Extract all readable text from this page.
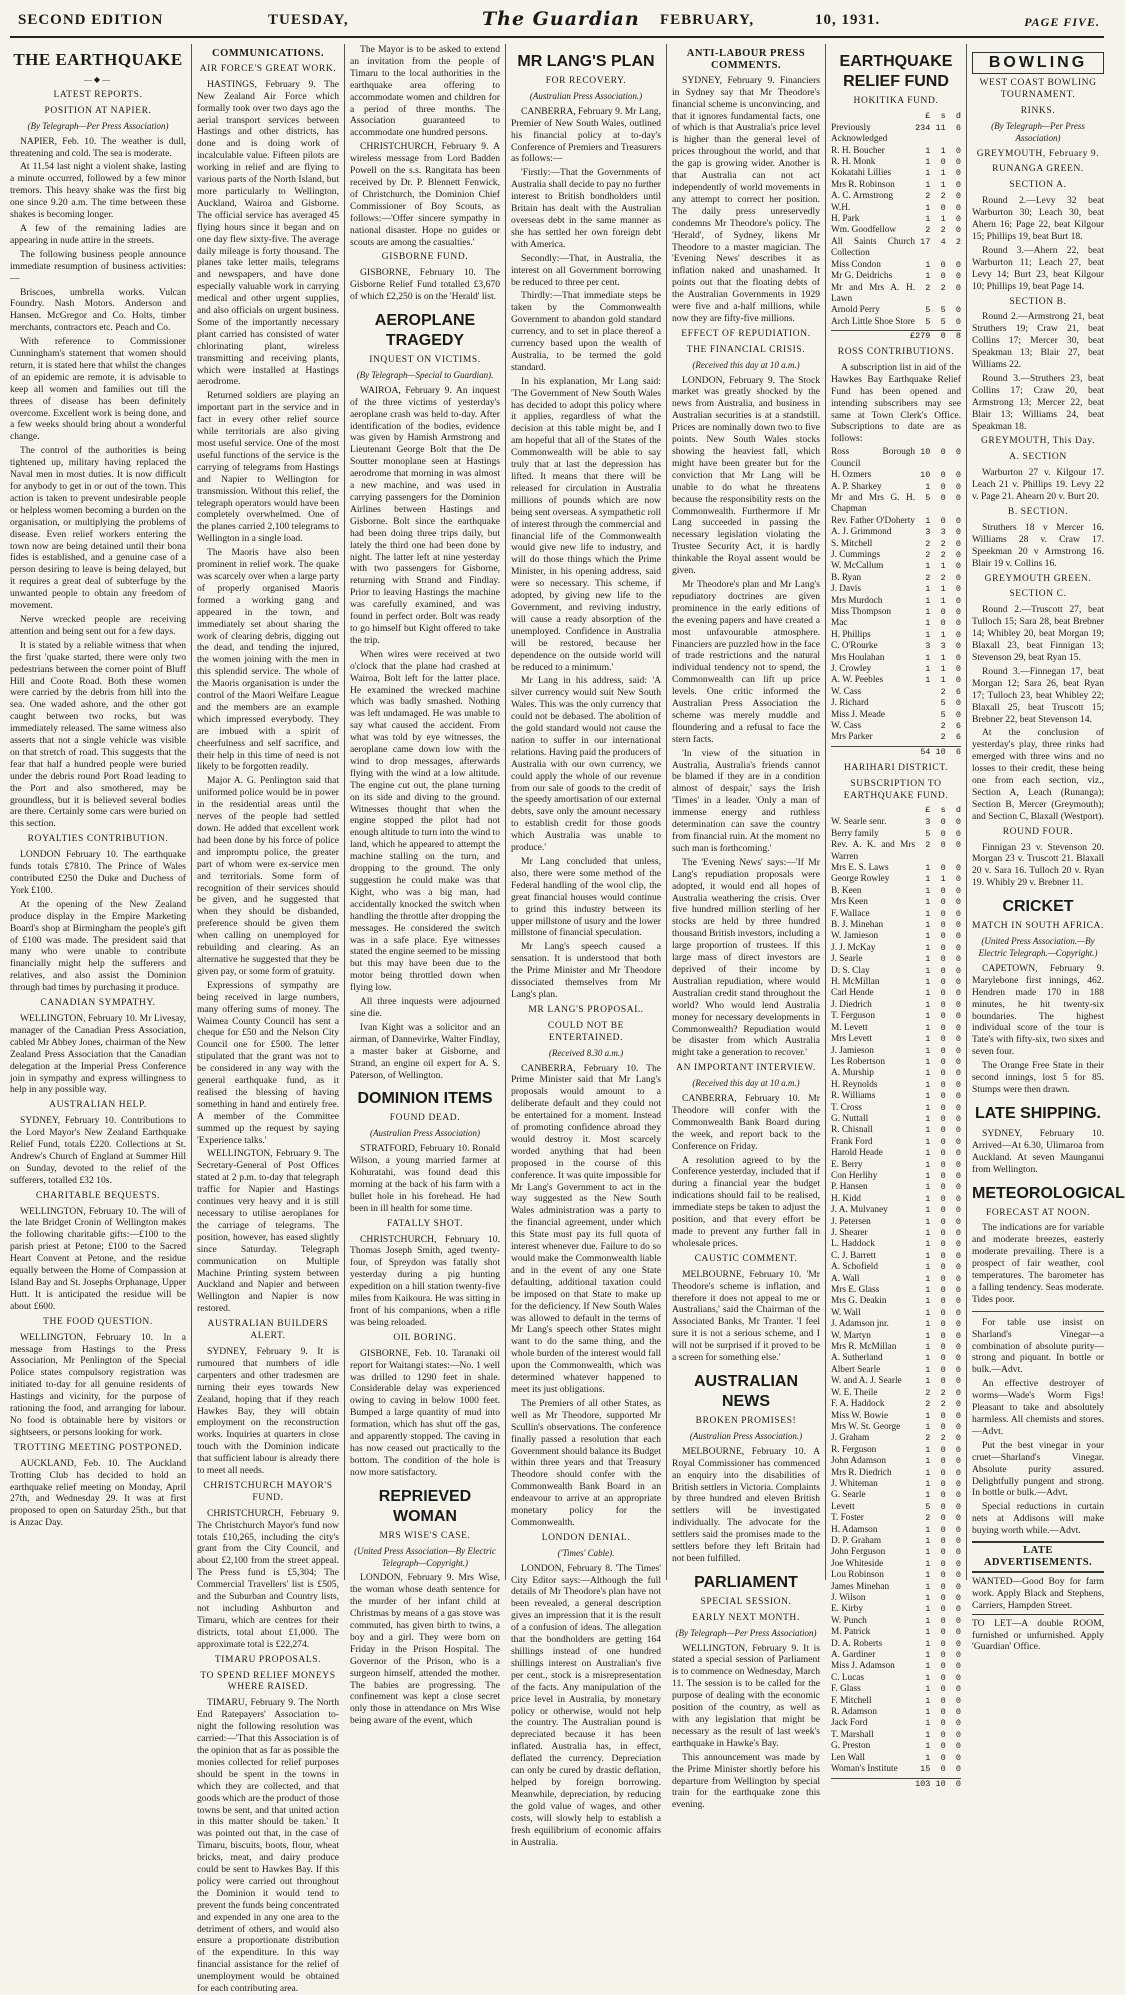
SECOND EDITION	TUESDAY,	The Guardian FEBRUARY,	10, 1931.	PAGE FIVE.
THE EARTHQUAKE
—◆—
LATEST REPORTS.
POSITION AT NAPIER.
(By Telegraph—Per Press Association)

NAPIER, Feb. 10. The weather is dull, threatening and cold. The sea is moderate.

At 11.54 last night a violent shake, lasting a minute occurred, followed by a few minor tremors. This heavy shake was the first big one since 9.20 a.m. The time between these shakes is becoming longer.

A few of the remaining ladies are appearing in nude attire in the streets.

The following business people announce immediate resumption of business activities:—

Briscoes, umbrella works. Vulcan Foundry. Nash Motors. Anderson and Hansen. McGregor and Co. Holts, timber merchants, contractors etc. Peach and Co.

With reference to Commissioner Cunningham's statement that women should return, it is stated here that whilst the changes of an epidemic are remote, it is advisable to keep all women and families out till the threes of disease has been definitely overcome. Excellent work is being done, and a few weeks should bring about a wonderful change.

The control of the authorities is being tightened up, military having replaced the Naval men in most duties. It is now difficult for anybody to get in or out of the town. This action is taken to prevent undesirable people or helpless women becoming a burden on the organisation, or multiplying the problems of disease. Even relief workers entering the town now are being detained until their bona fides is established, and a genuine case of a person desiring to leave is being delayed, but it requires a great deal of subterfuge by the unwanted people to obtain any freedom of movement.

Nerve wrecked people are receiving attention and being sent out for a few days.

It is stated by a reliable witness that when the first 'quake started, there were only two pedestrians between the corner point of Bluff Hill and Coote Road. Both these women were carried by the debris from hill into the sea. One waded ashore, and the other got caught between two rocks, but was immediately released. The same witness also asserts that not a single vehicle was visible on that stretch of road. This suggests that the fear that half a hundred people were buried under the debris round Port Road leading to the Port and also smothered, may be groundless, but it is believed several bodies are there. Certainly some cars were buried on this section.

ROYALTIES CONTRIBUTION.

LONDON February 10. The earthquake funds totals £7810. The Prince of Wales contributed £250 the Duke and Duchess of York £100.

At the opening of the New Zealand produce display in the Empire Marketing Board's shop at Birmingham the people's gift of £100 was made. The president said that many who were unable to contribute financially might help the sufferers and relatives, and also assist the Dominion through bad times by purchasing it produce.

CANADIAN SYMPATHY.

WELLINGTON, February 10. Mr Livesay, manager of the Canadian Press Association, cabled Mr Abbey Jones, chairman of the New Zealand Press Association that the Canadian delegation at the Imperial Press Conference join in sympathy and express willingness to help in any possible way.

AUSTRALIAN HELP.

SYDNEY, February 10. Contributions to the Lord Mayor's New Zealand Earthquake Relief Fund, totals £220. Collections at St. Andrew's Church of England at Summer Hill on Sunday, devoted to the relief of the sufferers, totalled £32 10s.

CHARITABLE BEQUESTS.

WELLINGTON, February 10. The will of the late Bridget Cronin of Wellington makes the following charitable gifts:—£100 to the parish priest at Petone; £100 to the Sacred Heart Convent at Petone, and the residue equally between the Home of Compassion at Island Bay and St. Josephs Orphanage, Upper Hutt. It is anticipated the residue will be about £600.

THE FOOD QUESTION.

WELLINGTON, February 10. In a message from Hastings to the Press Association, Mr Penlington of the Special Police states compulsory registration was initiated to-day for all genuine residents of Hastings and vicinity, for the purpose of rationing the food, and arranging for labour. No food is obtainable here by visitors or sightseers, or persons looking for work.

TROTTING MEETING POSTPONED.

AUCKLAND, Feb. 10. The Auckland Trotting Club has decided to hold an earthquake relief meeting on Monday, April 27th, and Wednesday 29. It was at first proposed to open on Saturday 25th., but that is Anzac Day.

COMMUNICATIONS.
AIR FORCE'S GREAT WORK.

HASTINGS, February 9. The New Zealand Air Force which formally took over two days ago the aerial transport services between Hastings and other districts, has done and is doing work of incalculable value. Fifteen pilots are working in relief and are flying to various parts of the North Island, but more particularly to Wellington, Auckland, Wairoa and Gisborne. The official service has averaged 45 flying hours since it began and on one day flew sixty-five. The average daily mileage is forty thousand. The planes take letter mails, telegrams and newspapers, and have done especially valuable work in carrying medical and other urgent supplies, and also officials on urgent business. Some of the importantly necessary plant carried has consisted of water chlorinating plant, wireless transmitting and receiving plants, which were installed at Hastings aerodrome.

Returned soldiers are playing an important part in the service and in fact in every other relief source while territorials are also giving most useful service. One of the most useful functions of the service is the carrying of telegrams from Hastings and Napier to Wellington for transmission. Without this relief, the telegraph operators would have been completely overwhelmed. One of the planes carried 2,100 telegrams to Wellington in a single load.

The Maoris have also been prominent in relief work. The quake was scarcely over when a large party of properly organised Maoris formed a working gang and appeared in the town, and immediately set about sharing the work of clearing debris, digging out the dead, and tending the injured, the women joining with the men in this splendid service. The whole of the Maoris organisation is under the control of the Maori Welfare League and the members are an example which impressed everybody. They are imbued with a spirit of cheerfulness and self sacrifice, and their help in this time of need is not likely to be forgotten readily.

Major A. G. Penlington said that uniformed police would be in power in the residential areas until the nerves of the people had settled down. He added that excellent work had been done by his force of police and impromptu police, the greater part of whom were ex-service men and territorials. Some form of recognition of their services should be given, and he suggested that when they should be disbanded, preference should be given them when calling on unemployed for rebuilding and clearing. As an alternative he suggested that they be given pay, or some form of gratuity.

Expressions of sympathy are being received in large numbers, many offering sums of money. The Waimea County Council has sent a cheque for £50 and the Nelson City Council one for £500. The letter stipulated that the grant was not to be considered in any way with the general earthquake fund, as it realised the blessing of having something in hand and entirely free. A member of the Committee summed up the request by saying 'Experience talks.'

WELLINGTON, February 9. The Secretary-General of Post Offices stated at 2 p.m. to-day that telegraph traffic for Napier and Hastings continues very heavy and it is still necessary to utilise aeroplanes for the carriage of telegrams. The position, however, has eased slightly since Saturday. Telegraph communication on Multiple Machine Printing system between Auckland and Napier and between Wellington and Napier is now restored.

AUSTRALIAN BUILDERS ALERT.

SYDNEY, February 9. It is rumoured that numbers of idle carpenters and other tradesmen are turning their eyes towards New Zealand, hoping that if they reach Hawkes Bay, they will obtain employment on the reconstruction works. Inquiries at quarters in close touch with the Dominion indicate that sufficient labour is already there to meet all needs.

CHRISTCHURCH MAYOR'S FUND.

CHRISTCHURCH, February 9. The Christchurch Mayor's fund now totals £10,265, including the city's grant from the City Council, and about £2,100 from the street appeal. The Press fund is £5,304; The Commercial Travellers' list is £505, and the Suburban and Country lists, not including Ashburton and Timaru, which are centres for their districts, total about £1,000. The approximate total is £22,274.

TIMARU PROPOSALS.
TO SPEND RELIEF MONEYS WHERE RAISED.

TIMARU, February 9. The North End Ratepayers' Association to-night the following resolution was carried:—'That this Association is of the opinion that as far as possible the monies collected for relief purposes should be spent in the towns in which they are collected, and that goods which are the product of those towns be sent, and that united action in this matter should be taken.' It was pointed out that, in the case of Timaru, biscuits, boots, flour, wheat bricks, meat, and dairy produce could be sent to Hawkes Bay. If this policy were carried out throughout the Dominion it would tend to prevent the funds being concentrated and expended in any one area to the detriment of others, and would also ensure a proportionate distribution of the expenditure. In this way financial assistance for the relief of unemployment would be obtained for each contributing area.

The Mayor is to be asked to extend an invitation from the people of Timaru to the local authorities in the earthquake area offering to accommodate women and children for a period of three months. The Association guaranteed to accommodate one hundred persons.

CHRISTCHURCH, February 9. A wireless message from Lord Badden Powell on the s.s. Rangitata has been received by Dr. P. Blennett Fenwick, of Christchurch, the Dominion Chief Commissioner of Boy Scouts, as follows:—'Offer sincere sympathy in national disaster. Hope no guides or scouts are among the casualties.'

GISBORNE FUND.

GISBORNE, February 10. The Gisborne Relief Fund totalled £3,670 of which £2,250 is on the 'Herald' list.

AEROPLANE TRAGEDY
INQUEST ON VICTIMS.
(By Telegraph—Special to Guardian).

WAIROA, February 9. An inquest of the three victims of yesterday's aeroplane crash was held to-day. After identification of the bodies, evidence was given by Hamish Armstrong and Lieutenant George Bolt that the De Soutter monoplane seen at Hastings aerodrome that morning in was almost a new machine, and was used in carrying passengers for the Dominion Airlines between Hastings and Gisborne. Bolt since the earthquake had been doing three trips daily, but lately the third one had been done by night. The latter left at nine yesterday with two passengers for Gisborne, returning with Strand and Findlay. Prior to leaving Hastings the machine was carefully examined, and was found in perfect order. Bolt was ready to go himself but Kight offered to take the trip.

When wires were received at two o'clock that the plane had crashed at Wairoa, Bolt left for the latter place. He examined the wrecked machine which was badly smashed. Nothing was left undamaged. He was unable to say what caused the accident. From what was told by eye witnesses, the aeroplane came down low with the wind to drop messages, afterwards flying with the wind at a low altitude. The engine cut out, the plane turning on its side and diving to the ground. Witnesses thought that when the engine stopped the pilot had not enough altitude to turn into the wind to land, which he appeared to attempt the machine stalling on the turn, and dropping to the ground. The only suggestion he could make was that Kight, who was a big man, had accidentally knocked the switch when handling the throttle after dropping the messages. He considered the switch was in a safe place. Eye witnesses stated the engine seemed to be missing but this may have been due to the motor being throttled down when flying low.

All three inquests were adjourned sine die.

Ivan Kight was a solicitor and an airman, of Dannevirke, Walter Findlay, a master baker at Gisborne, and Strand, an engine oil expert for A. S. Paterson, of Wellington.

DOMINION ITEMS
FOUND DEAD.
(Australian Press Association)

STRATFORD, February 10. Ronald Wilson, a young married farmer at Kohuratahi, was found dead this morning at the back of his farm with a bullet hole in his forehead. He had been in ill health for some time.

FATALLY SHOT.

CHRISTCHURCH, February 10. Thomas Joseph Smith, aged twenty-four, of Spreydon was fatally shot yesterday during a pig hunting expedition on a hill station twenty-five miles from Kaikoura. He was sitting in front of his companions, when a rifle was being reloaded.

OIL BORING.

GISBORNE, Feb. 10. Taranaki oil report for Waitangi states:—No. 1 well was drilled to 1290 feet in shale. Considerable delay was experienced owing to caving in below 1000 feet. Bumped a large quantity of mud into formation, which has shut off the gas, and apparently stopped. The caving in has now ceased out practically to the bottom. The condition of the hole is now more satisfactory.

REPRIEVED WOMAN
MRS WISE'S CASE.
(United Press Association—By Electric Telegraph—Copyright.)

LONDON, February 9. Mrs Wise, the woman whose death sentence for the murder of her infant child at Christmas by means of a gas stove was commuted, has given birth to twins, a boy and a girl. They were born on Friday in the Prison Hospital. The Governor of the Prison, who is a surgeon himself, attended the mother. The babies are progressing. The confinement was kept a close secret only those in attendance on Mrs Wise being aware of the event, which

MR LANG'S PLAN
FOR RECOVERY.
(Australian Press Association.)

CANBERRA, February 9. Mr Lang, Premier of New South Wales, outlined his financial policy at to-day's Conference of Premiers and Treasurers as follows:—

'Firstly:—That the Governments of Australia shall decide to pay no further interest to British bondholders until Britain has dealt with the Australian overseas debt in the same manner as she has settled her own foreign debt with America.

Secondly:—That, in Australia, the interest on all Government borrowing be reduced to three per cent.

Thirdly:—That immediate steps be taken by the Commonwealth Government to abandon gold standard currency, and to set in place thereof a currency based upon the wealth of Australia, to be termed the gold standard.

In his explanation, Mr Lang said: 'The Government of New South Wales has decided to adopt this policy where it applies, regardless of what the decision at this table might be, and I am hopeful that all of the States of the Commonwealth will be able to say truly that at last the depression has lifted. It means that there will be released for circulation in Australia millions of pounds which are now being sent overseas. A sympathetic roll of interest through the commercial and financial life of the Commonwealth would give new life to industry, and will do those things which the Prime Minister, in his opening address, said were so necessary. This scheme, if adopted, by giving new life to the Government, and reviving industry, will cause a ready absorption of the unemployed. Confidence in Australia will be restored, because her dependence on the outside world will be reduced to a minimum.'

Mr Lang in his address, said: 'A silver currency would suit New South Wales. This was the only currency that could not be debased. The abolition of the gold standard would not cause the nation to suffer in our international relations. Having paid the producers of Australia with our own currency, we could apply the whole of our revenue from our sale of goods to the credit of the speedy amortisation of our external debts, save only the amount necessary to establish credit for those goods which Australia was unable to produce.'

Mr Lang concluded that unless, also, there were some method of the Federal handling of the wool clip, the great financial houses would continue to grind this industry between its upper millstone of usury and the lower millstone of financial speculation.

Mr Lang's speech caused a sensation. It is understood that both the Prime Minister and Mr Theodore dissociated themselves from Mr Lang's plan.

MR LANG'S PROPOSAL.
COULD NOT BE ENTERTAINED.
(Received 8.30 a.m.)

CANBERRA, February 10. The Prime Minister said that Mr Lang's proposals would amount to a deliberate default and they could not be entertained for a moment. Instead of promoting confidence abroad they would destroy it. Most scarcely worded anything that had been proposed in the course of this conference. It was quite impossible for Mr Lang's Government to act in the way suggested as the New South Wales administration was a party to the financial agreement, under which this State must pay its full quota of interest whenever due. Failure to do so would make the Commonwealth liable and in the event of any one State defaulting, additional taxation could be imposed on that State to make up for the deficiency. If New South Wales was allowed to default in the terms of Mr Lang's speech other States might want to do the same thing, and the whole burden of the interest would fall upon the Commonwealth, which was determined whatever happened to meet its just obligations.

The Premiers of all other States, as well as Mr Theodore, supported Mr Scullin's observations. The conference finally passed a resolution that each Government should balance its Budget within three years and that Treasury Theodore should confer with the Commonwealth Bank Board in an endeavour to arrive at an appropriate monetary policy for the Commonwealth.

LONDON DENIAL.
('Times' Cable).

LONDON, February 8. 'The Times' City Editor says:—Although the full details of Mr Theodore's plan have not been revealed, a general description gives an impression that it is the result of a confusion of ideas. The allegation that the bondholders are getting 164 shillings instead of one hundred shillings interest on Australian's five per cent., stock is a misrepresentation of the facts. Any manipulation of the price level in Australia, by monetary policy or otherwise, would not help the country. The Australian pound is depreciated because it has been inflated. Australia has, in effect, deflated the currency. Depreciation can only be cured by drastic deflation, helped by foreign borrowing. Meanwhile, depreciation, by reducing the gold value of wages, and other costs, will slowly help to establish a fresh equilibrium of economic affairs in Australia.

ANTI-LABOUR PRESS COMMENTS.

SYDNEY, February 9. Financiers in Sydney say that Mr Theodore's financial scheme is unconvincing, and that it ignores fundamental facts, one of which is that Australia's price level is higher than the general level of prices throughout the world, and that the gap is growing wider. Another is that Australia can not act independently of world movements in any attempt to correct her position. The daily press unreservedly condemns Mr Theodore's policy. The 'Herald', of Sydney, likens Mr Theodore to a master magician. The 'Evening News' describes it as inflation naked and unashamed. It points out that the floating debts of the Australian Governments in 1929 were five and a-half millions, while now they are fifty-five millions.

EFFECT OF REPUDIATION.
THE FINANCIAL CRISIS.
(Received this day at 10 a.m.)

LONDON, February 9. The Stock market was greatly shocked by the news from Australia, and business in Australian securities is at a standstill. Prices are nominally down two to five points. New South Wales stocks showing the heaviest fall, which might have been greater but for the conviction that Mr Lang will be unable to do what he threatens because the responsibility rests on the Commonwealth. Furthermore if Mr Lang succeeded in passing the necessary legislation violating the Trustee Security Act, it is hardly thinkable the Royal assent would be given.

Mr Theodore's plan and Mr Lang's repudiatory doctrines are given prominence in the early editions of the evening papers and have created a most unfavourable atmosphere. Financiers are puzzled how in the face of trade restrictions and the natural individual tendency not to spend, the Commonwealth can lift up price levels. One critic informed the Australian Press Association the scheme was merely muddle and floundering and a refusal to face the stern facts.

'In view of the situation in Australia, Australia's friends cannot be blamed if they are in a condition almost of despair,' says the Irish 'Times' in a leader. 'Only a man of immense energy and ruthless determination can save the country from financial ruin. At the moment no such man is forthcoming.'

The 'Evening News' says:—'If Mr Lang's repudiation proposals were adopted, it would end all hopes of Australia weathering the crisis. Over five hundred million sterling of her stocks are held by three hundred thousand British investors, including a large proportion of trustees. If this large mass of direct investors are deprived of their income by Australian repudiation, where would Australian credit stand throughout the world? Who would lend Australia money for necessary developments in Commonwealth? Repudiation would be disaster from which Australia might take a generation to recover.'

AN IMPORTANT INTERVIEW.
(Received this day at 10 a.m.)

CANBERRA, February 10. Mr Theodore will confer with the Commonwealth Bank Board during the week, and report back to the Conference on Friday.

A resolution agreed to by the Conference yesterday, included that if during a financial year the budget indications should fail to be realised, immediate steps be taken to adjust the position, and that every effort be made to prevent any further fall in wholesale prices.

CAUSTIC COMMENT.

MELBOURNE, February 10. 'Mr Theodore's scheme is inflation, and therefore it does not appeal to me or Australians,' said the Chairman of the Associated Banks, Mr Tranter. 'I feel sure it is not a serious scheme, and I will not be surprised if it proved to be a screen for something else.'

AUSTRALIAN NEWS
BROKEN PROMISES!
(Australian Press Association.)

MELBOURNE, February 10. A Royal Commissioner has commenced an enquiry into the disabilities of British settlers in Victoria. Complaints by three hundred and eleven British settlers will be investigated individually. The advocate for the settlers said the promises made to the settlers before they left Britain had not been fulfilled.

PARLIAMENT
SPECIAL SESSION.
EARLY NEXT MONTH.
(By Telegraph—Per Press Association)

WELLINGTON, February 9. It is stated a special session of Parliament is to commence on Wednesday, March 11. The session is to be called for the purpose of dealing with the economic position of the country, as well as with any legislation that might be necessary as the result of last week's earthquake in Hawke's Bay.

This announcement was made by the Prime Minister shortly before his departure from Wellington by special train for the earthquake zone this evening.

EARTHQUAKE RELIEF FUND
HOKITIKA FUND.
£  s  d
Previously Acknowledged
234 11  6
R. H. Boucher	1  1  0
R. H. Monk	1  0  0
Kokatahi Lillies	1  1  0
Mrs R. Robinson 1  1  0
A. C. Armstrong	2  2  0
W.H.	1  0  0
H. Park	1  1  0
Wm. Goodfellow 2  2  0
All Saints Church Collection
17  4  2
Miss Condon	1  0  0
Mr G. Deidrichs	1  0  0
Mr and Mrs A. H. Lawn
2  2  0
Arnold Perry	5  5  0
Arch Little Shoe Store 5  5  0
£279  0  8
ROSS CONTRIBUTIONS.

A subscription list in aid of the Hawkes Bay Earthquake Relief Fund has been opened and intending subscribers may see same at Town Clerk's Office. Subscriptions to date are as follows:

Ross Borough Council
10  0  0
H. Ozmers	10  0  0
A. P. Sharkey	1  0  0
Mr and Mrs G. H. Chapman
5  0  0
Rev. Father O'Doherty 1  0  0
A. J. Grimmond	3  3  0
S. Mitchell	2  2  0
J. Cummings	2  2  0
W. McCallum	1  1  0
B. Ryan	2  2  0
J. Davis	1  1  0
Mrs Murdoch	1  1  0
Miss Thompson	1  0  0
Mac	1  0  0
H. Phillips	1  1  0
C. O'Rourke	3  3  0
Mrs Houlahan	1  1  0
J. Crowley	1  1  0
A. W. Peebles	1  1  0
W. Cass	2  6
J. Richard	5  0
Miss J. Meade	5  0
W. Cass	2  6
Mrs Parker	2  6
54 10  6
HARIHARI DISTRICT.
SUBSCRIPTION TO EARTHQUAKE FUND.
£  s  d
W. Searle senr.	3  0  0
Berry family	5  0  0
Rev. A. K. and Mrs Warren
2  0  0
Mrs E. S. Laws	1  0  0
George Rowley	1  1  0
B. Keen	1  0  0
Mrs Keen	1  0  0
F. Wallace	1  0  0
B. J. Minehan	1  0  0
W. Jamieson	1  0  0
J. J. McKay	1  0  0
J. Searle	1  0  0
D. S. Clay	1  0  0
H. McMillan	1  0  0
Carl Hende	1  0  0
J. Diedrich	1  0  0
T. Ferguson	1  0  0
M. Levett	1  0  0
Mrs Levett	1  0  0
J. Jamieson	1  0  0
Les Robertson	1  0  0
A. Murship	1  0  0
H. Reynolds	1  0  0
R. Williams	1  0  0
T. Cross	1  0  0
G. Nuttall	1  0  0
R. Chisnall	1  0  0
Frank Ford	1  0  0
Harold Heade	1  0  0
E. Berry	1  0  0
Con Herlihy	1  0  0
P. Hansen	1  0  0
H. Kidd	1  0  0
J. A. Mulvaney	1  0  0
J. Petersen	1  0  0
J. Shearer	1  0  0
L. Haddock	1  0  0
C. J. Barrett	1  0  0
A. Schofield	1  0  0
A. Wall	1  0  0
Mrs E. Glass	1  0  0
Mrs G. Deakin	1  0  0
W. Wall	1  0  0
J. Adamson jnr.	1  0  0
W. Martyn	1  0  0
Mrs R. McMillan 1  0  0
A. Sutherland	1  0  0
Albert Searle	1  0  0
W. and A. J. Searle 1  0  0
W. E. Theile	2  2  0
F. A. Haddock	2  2  0
Miss W. Bowie	1  0  0
Mrs W. St. George 1  0  0
J. Graham	2  2  0
R. Ferguson	1  0  0
John Adamson	1  0  0
Mrs R. Diedrich	1  0  0
J. Whiteman	1  0  0
G. Searle	1  0  0
Levett	5  0  0
T. Foster	2  0  0
H. Adamson	1  0  0
D. P. Graham	1  0  0
John Ferguson	1  0  0
Joe Whiteside	1  0  0
Lou Robinson	1  0  0
James Minehan	1  0  0
J. Wilson	1  0  0
E. Kirby	1  0  0
W. Punch	1  0  0
M. Patrick	1  0  0
D. A. Roberts	1  0  0
A. Gardiner	1  0  0
Miss J. Adamson 1  0  0
C. Lucas	1  0  0
F. Glass	1  0  0
F. Mitchell	1  0  0
R. Adamson	1  0  0
Jack Ford	1  0  0
T. Marshall	1  0  0
G. Preston	1  0  0
Len Wall	1  0  0
Woman's Institute 15  0  0
103 10  0
BOWLING
WEST COAST BOWLING TOURNAMENT.
RINKS.
(By Telegraph—Per Press Association)
GREYMOUTH, February 9.
RUNANGA GREEN.
SECTION A.

Round 2.—Levy 32 beat Warburton 30; Leach 30, beat Ahern 16; Page 22, beat Kilgour 15; Phillips 19, beat Burt 18.

Round 3.—Ahern 22, beat Warburton 11; Leach 27, beat Levy 14; Burt 23, beat Kilgour 10; Phillips 19, beat Page 14.

SECTION B.

Round 2.—Armstrong 21, beat Struthers 19; Craw 21, beat Collins 17; Mercer 30, beat Speakman 13; Blair 27, beat Williams 22.

Round 3.—Struthers 23, beat Collins 17; Craw 20, beat Armstrong 13; Mercer 22, beat Blair 13; Williams 24, beat Speakman 18.

GREYMOUTH, This Day.
A. SECTION

Warburton 27 v. Kilgour 17. Leach 21 v. Phillips 19. Levy 22 v. Page 21. Ahearn 20 v. Burt 20.

B. SECTION.

Struthers 18 v Mercer 16. Williams 28 v. Craw 17. Speekman 20 v Armstrong 16. Blair 19 v. Collins 16.

GREYMOUTH GREEN.
SECTION C.

Round 2.—Truscott 27, beat Tulloch 15; Sara 28, beat Brebner 14; Whibley 20, beat Morgan 19; Blaxall 23, beat Finnigan 13; Stevenson 29, beat Ryan 15.

Round 3.—Finnegan 17, beat Morgan 12; Sara 26, beat Ryan 17; Tulloch 23, beat Whibley 22; Blaxall 25, beat Truscott 15; Brebner 22, beat Stevenson 14.

At the conclusion of yesterday's play, three rinks had emerged with three wins and no losses to their credit, these being one from each section, viz., Section A, Leach (Runanga); Section B, Mercer (Greymouth); and Section C, Blaxall (Westport).

ROUND FOUR.

Finnigan 23 v. Stevenson 20. Morgan 23 v. Truscott 21. Blaxall 20 v. Sara 16. Tulloch 20 v. Ryan 19. Whibly 29 v. Brebner 11.

CRICKET
MATCH IN SOUTH AFRICA.
(United Press Association.—By Electric Telegraph.—Copyright.)

CAPETOWN, February 9. Marylebone first innings, 462. Hendren made 170 in 188 minutes, he hit twenty-six boundaries. The highest individual score of the tour is Tate's with fifty-six, two sixes and seven four.

The Orange Free State in their second innings, lost 5 for 85. Stumps were then drawn.

LATE SHIPPING.

SYDNEY, February 10. Arrived—At 6.30, Ulimaroa from Auckland. At seven Maunganui from Wellington.

METEOROLOGICAL
FORECAST AT NOON.

The indications are for variable and moderate breezes, easterly moderate prevailing. There is a prospect of fair weather, cool temperatures. The barometer has a falling tendency. Seas moderate. Tides poor.

For table use insist on Sharland's Vinegar—a combination of absolute purity—strong and piquant. In bottle or bulk.—Advt.

An effective destroyer of worms—Wade's Worm Figs! Pleasant to take and absolutely harmless. All chemists and stores.—Advt.

Put the best vinegar in your cruet—Sharland's Vinegar. Absolute purity assured. Delightfully pungent and strong. In bottle or bulk.—Advt.

Special reductions in curtain nets at Addisons will make buying worth while.—Advt.

LATE ADVERTISEMENTS.

WANTED—Good Boy for farm work. Apply Black and Stephens, Carriers, Hampden Street.

TO LET—A double ROOM, furnished or unfurnished. Apply 'Guardian' Office.
